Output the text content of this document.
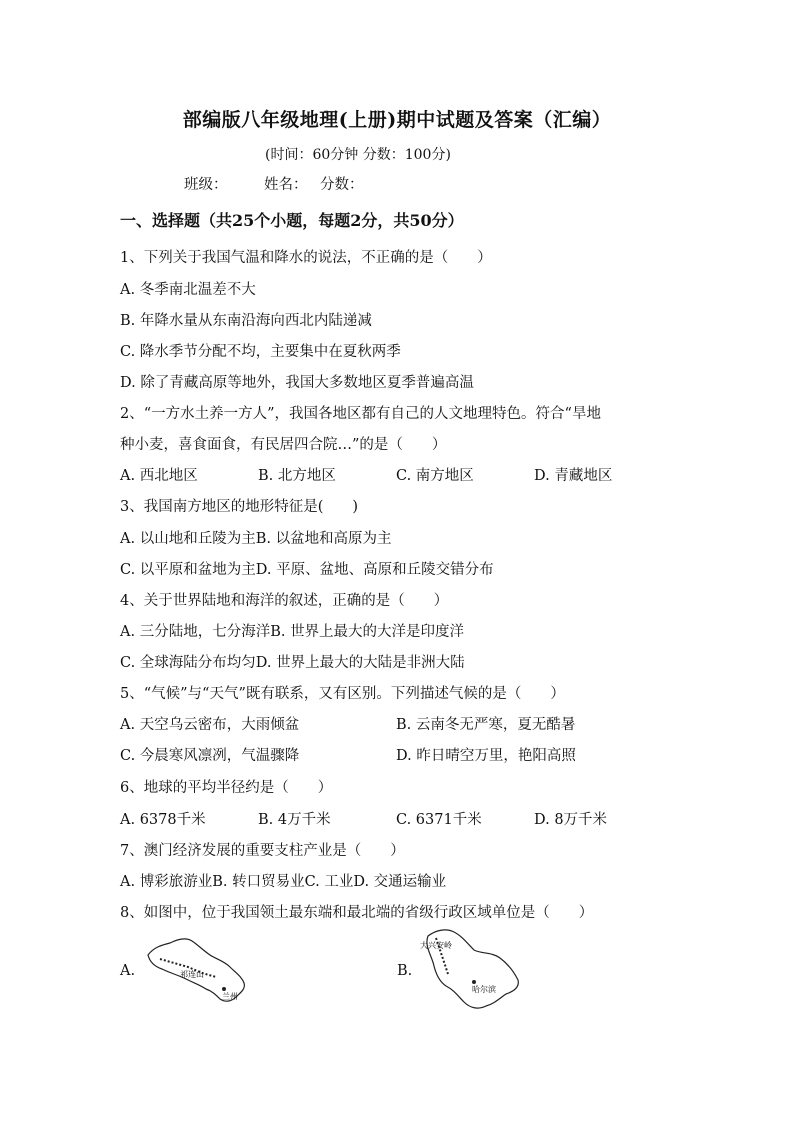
部编版八年级地理(上册)期中试题及答案（汇编）
(时间：60分钟 分数：100分)
班级：	姓名： 分数：
一、选择题（共25个小题，每题2分，共50分）
1、下列关于我国气温和降水的说法，不正确的是（　　）
A. 冬季南北温差不大
B. 年降水量从东南沿海向西北内陆递减
C. 降水季节分配不均，主要集中在夏秋两季
D. 除了青藏高原等地外，我国大多数地区夏季普遍高温
2、“一方水土养一方人”，我国各地区都有自己的人文地理特色。符合“旱地
种小麦，喜食面食，有民居四合院…”的是（　　）
A. 西北地区	B. 北方地区	C. 南方地区	D. 青藏地区
3、我国南方地区的地形特征是(　　)
A. 以山地和丘陵为主B. 以盆地和高原为主
C. 以平原和盆地为主D. 平原、盆地、高原和丘陵交错分布
4、关于世界陆地和海洋的叙述，正确的是（　　）
A. 三分陆地，七分海洋B. 世界上最大的大洋是印度洋
C. 全球海陆分布均匀D. 世界上最大的大陆是非洲大陆
5、“气候”与“天气”既有联系，又有区别。下列描述气候的是（　　）
A. 天空乌云密布，大雨倾盆	B. 云南冬无严寒，夏无酷暑
C. 今晨寒风凛冽，气温骤降	D. 昨日晴空万里，艳阳高照
6、地球的平均半径约是（　　）
A. 6378千米	B. 4万千米	C. 6371千米	D. 8万千米
7、澳门经济发展的重要支柱产业是（　　）
A. 博彩旅游业B. 转口贸易业C. 工业D. 交通运输业
8、如图中，位于我国领土最东端和最北端的省级行政区域单位是（　　）
A.	B.
祁连山
兰州
大兴安岭
哈尔滨
